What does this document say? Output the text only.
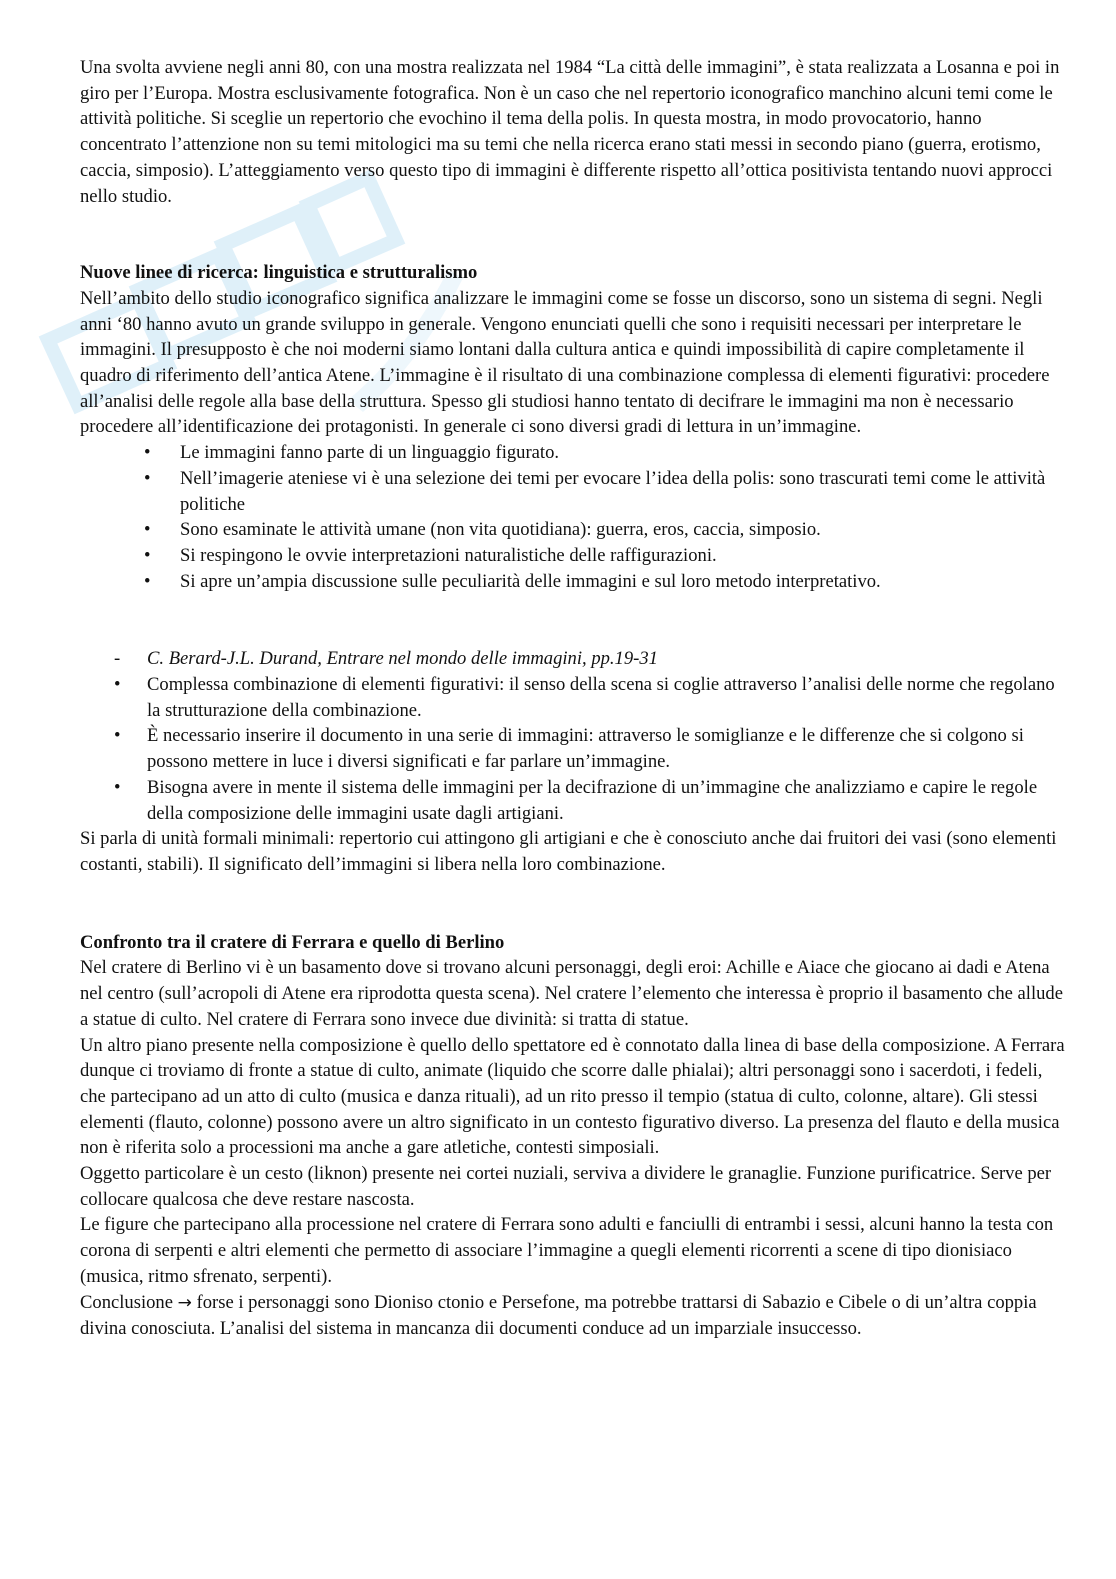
Una svolta avviene negli anni 80, con una mostra realizzata nel 1984 “La città delle immagini”, è stata realizzata a Losanna e poi in giro per l’Europa. Mostra esclusivamente fotografica. Non è un caso che nel repertorio iconografico manchino alcuni temi come le attività politiche. Si sceglie un repertorio che evochino il tema della polis. In questa mostra, in modo provocatorio, hanno concentrato l’attenzione non su temi mitologici ma su temi che nella ricerca erano stati messi in secondo piano (guerra, erotismo, caccia, simposio). L’atteggiamento verso questo tipo di immagini è differente rispetto all’ottica positivista tentando nuovi approcci nello studio.

Nuove linee di ricerca: linguistica e strutturalismo

Nell’ambito dello studio iconografico significa analizzare le immagini come se fosse un discorso, sono un sistema di segni. Negli anni ‘80 hanno avuto un grande sviluppo in generale. Vengono enunciati quelli che sono i requisiti necessari per interpretare le immagini. Il presupposto è che noi moderni siamo lontani dalla cultura antica e quindi impossibilità di capire completamente il quadro di riferimento dell’antica Atene. L’immagine è il risultato di una combinazione complessa di elementi figurativi: procedere all’analisi delle regole alla base della struttura. Spesso gli studiosi hanno tentato di decifrare le immagini ma non è necessario procedere all’identificazione dei protagonisti. In generale ci sono diversi gradi di lettura in un’immagine.

• Le immagini fanno parte di un linguaggio figurato.
• Nell’imagerie ateniese vi è una selezione dei temi per evocare l’idea della polis: sono trascurati temi come le attività politiche
• Sono esaminate le attività umane (non vita quotidiana): guerra, eros, caccia, simposio.
• Si respingono le ovvie interpretazioni naturalistiche delle raffigurazioni.
• Si apre un’ampia discussione sulle peculiarità delle immagini e sul loro metodo interpretativo.
- C. Berard-J.L. Durand, Entrare nel mondo delle immagini, pp.19-31
• Complessa combinazione di elementi figurativi: il senso della scena si coglie attraverso l’analisi delle norme che regolano la strutturazione della combinazione.
• È necessario inserire il documento in una serie di immagini: attraverso le somiglianze e le differenze che si colgono si possono mettere in luce i diversi significati e far parlare un’immagine.
• Bisogna avere in mente il sistema delle immagini per la decifrazione di un’immagine che analizziamo e capire le regole della composizione delle immagini usate dagli artigiani.

Si parla di unità formali minimali: repertorio cui attingono gli artigiani e che è conosciuto anche dai fruitori dei vasi (sono elementi costanti, stabili). Il significato dell’immagini si libera nella loro combinazione.

Confronto tra il cratere di Ferrara e quello di Berlino

Nel cratere di Berlino vi è un basamento dove si trovano alcuni personaggi, degli eroi: Achille e Aiace che giocano ai dadi e Atena nel centro (sull’acropoli di Atene era riprodotta questa scena). Nel cratere l’elemento che interessa è proprio il basamento che allude a statue di culto. Nel cratere di Ferrara sono invece due divinità: si tratta di statue.

Un altro piano presente nella composizione è quello dello spettatore ed è connotato dalla linea di base della composizione. A Ferrara dunque ci troviamo di fronte a statue di culto, animate (liquido che scorre dalle phialai); altri personaggi sono i sacerdoti, i fedeli, che partecipano ad un atto di culto (musica e danza rituali), ad un rito presso il tempio (statua di culto, colonne, altare). Gli stessi elementi (flauto, colonne) possono avere un altro significato in un contesto figurativo diverso. La presenza del flauto e della musica non è riferita solo a processioni ma anche a gare atletiche, contesti simposiali.

Oggetto particolare è un cesto (liknon) presente nei cortei nuziali, serviva a dividere le granaglie. Funzione purificatrice. Serve per collocare qualcosa che deve restare nascosta.

Le figure che partecipano alla processione nel cratere di Ferrara sono adulti e fanciulli di entrambi i sessi, alcuni hanno la testa con corona di serpenti e altri elementi che permetto di associare l’immagine a quegli elementi ricorrenti a scene di tipo dionisiaco (musica, ritmo sfrenato, serpenti).

Conclusione → forse i personaggi sono Dioniso ctonio e Persefone, ma potrebbe trattarsi di Sabazio e Cibele o di un’altra coppia divina conosciuta. L’analisi del sistema in mancanza dii documenti conduce ad un imparziale insuccesso.
